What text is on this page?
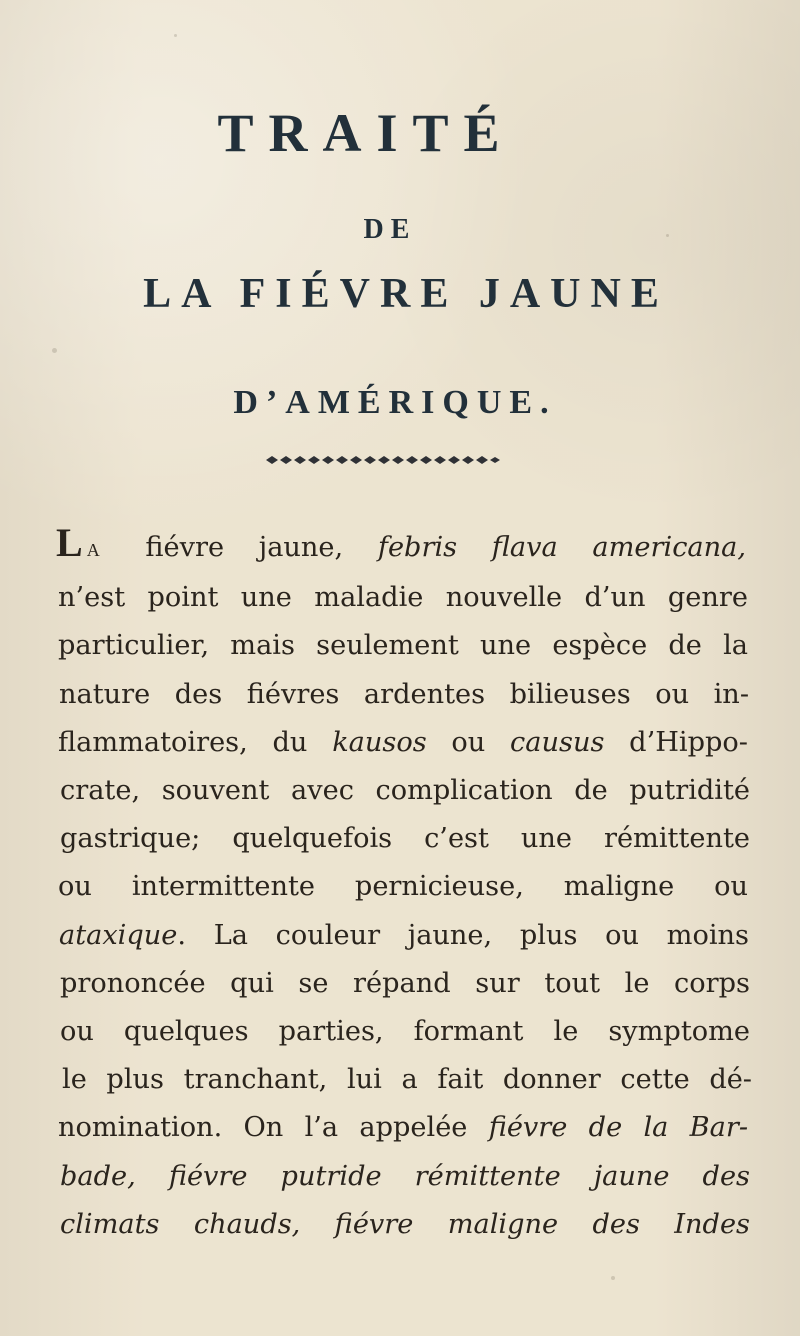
TRAITÉ
DE
LA FIÉVRE JAUNE
D’AMÉRIQUE.
L A fiévre jaune, febris flava americana,
n’est point une maladie nouvelle d’un genre
particulier, mais seulement une espèce de la
nature des fiévres ardentes bilieuses ou in-
flammatoires, du kausos ou causus d’Hippo-
crate, souvent avec complication de putridité
gastrique; quelquefois c’est une rémittente
ou intermittente pernicieuse, maligne ou
ataxique. La couleur jaune, plus ou moins
prononcée qui se répand sur tout le corps
ou quelques parties, formant le symptome
le plus tranchant, lui a fait donner cette dé-
nomination. On l’a appelée fiévre de la Bar-
bade, fiévre putride rémittente jaune des
climats chauds, fiévre maligne des Indes
